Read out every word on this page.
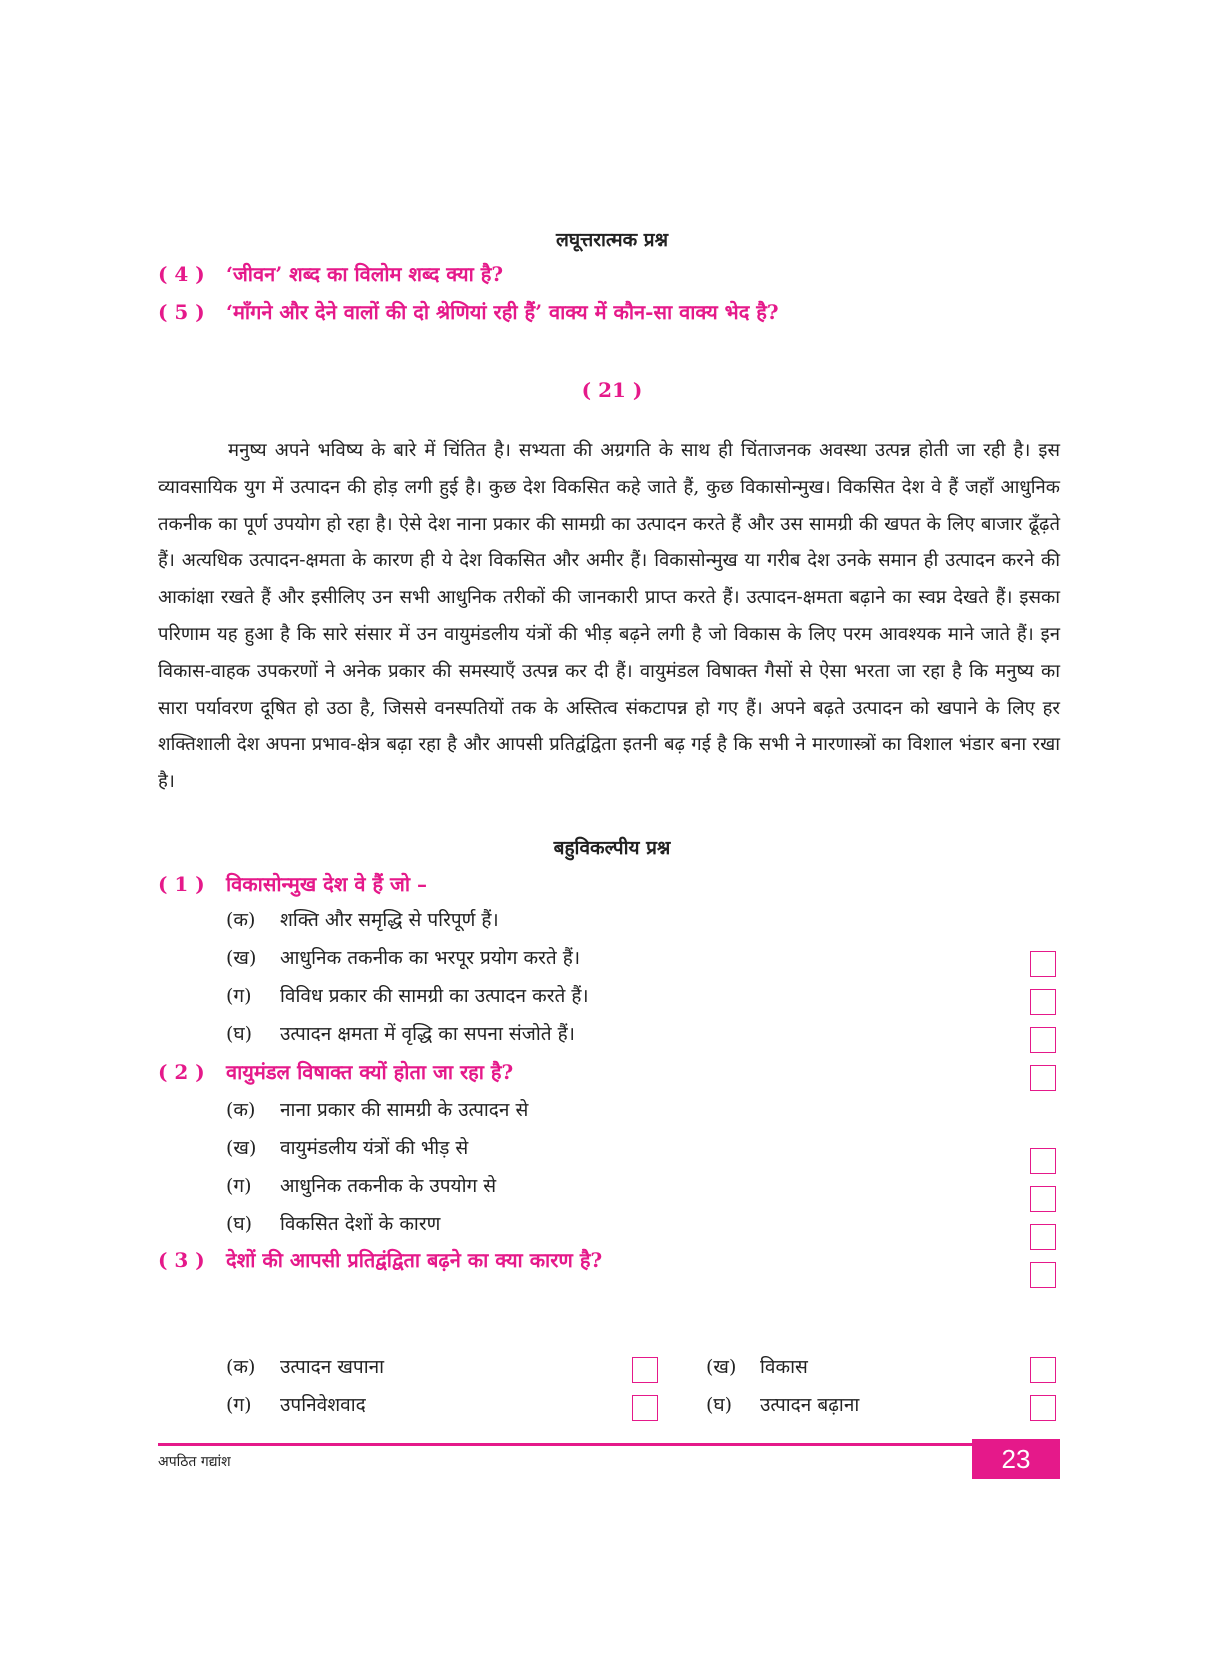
लघूत्तरात्मक प्रश्न
( 4 ) ‘जीवन’ शब्द का विलोम शब्द क्या है?
( 5 ) ‘माँगने और देने वालों की दो श्रेणियां रही हैं’ वाक्य में कौन-सा वाक्य भेद है?
( 21 )
मनुष्य अपने भविष्य के बारे में चिंतित है। सभ्यता की अग्रगति के साथ ही चिंताजनक अवस्था उत्पन्न होती जा रही है। इस व्यावसायिक युग में उत्पादन की होड़ लगी हुई है। कुछ देश विकसित कहे जाते हैं, कुछ विकासोन्मुख। विकसित देश वे हैं जहाँ आधुनिक तकनीक का पूर्ण उपयोग हो रहा है। ऐसे देश नाना प्रकार की सामग्री का उत्पादन करते हैं और उस सामग्री की खपत के लिए बाजार ढूँढ़ते हैं। अत्यधिक उत्पादन-क्षमता के कारण ही ये देश विकसित और अमीर हैं। विकासोन्मुख या गरीब देश उनके समान ही उत्पादन करने की आकांक्षा रखते हैं और इसीलिए उन सभी आधुनिक तरीकों की जानकारी प्राप्त करते हैं। उत्पादन-क्षमता बढ़ाने का स्वप्न देखते हैं। इसका परिणाम यह हुआ है कि सारे संसार में उन वायुमंडलीय यंत्रों की भीड़ बढ़ने लगी है जो विकास के लिए परम आवश्यक माने जाते हैं। इन विकास-वाहक उपकरणों ने अनेक प्रकार की समस्याएँ उत्पन्न कर दी हैं। वायुमंडल विषाक्त गैसों से ऐसा भरता जा रहा है कि मनुष्य का सारा पर्यावरण दूषित हो उठा है, जिससे वनस्पतियों तक के अस्तित्व संकटापन्न हो गए हैं। अपने बढ़ते उत्पादन को खपाने के लिए हर शक्तिशाली देश अपना प्रभाव-क्षेत्र बढ़ा रहा है और आपसी प्रतिद्वंद्विता इतनी बढ़ गई है कि सभी ने मारणास्त्रों का विशाल भंडार बना रखा है।
बहुविकल्पीय प्रश्न
( 1 ) विकासोन्मुख देश वे हैं जो –
(क) शक्ति और समृद्धि से परिपूर्ण हैं।
(ख) आधुनिक तकनीक का भरपूर प्रयोग करते हैं।
(ग) विविध प्रकार की सामग्री का उत्पादन करते हैं।
(घ) उत्पादन क्षमता में वृद्धि का सपना संजोते हैं।
( 2 ) वायुमंडल विषाक्त क्यों होता जा रहा है?
(क) नाना प्रकार की सामग्री के उत्पादन से
(ख) वायुमंडलीय यंत्रों की भीड़ से
(ग) आधुनिक तकनीक के उपयोग से
(घ) विकसित देशों के कारण
( 3 ) देशों की आपसी प्रतिद्वंद्विता बढ़ने का क्या कारण है?
(क) उत्पादन खपाना
(ग) उपनिवेशवाद
(ख) विकास
(घ) उत्पादन बढ़ाना
अपठित गद्यांश	23
